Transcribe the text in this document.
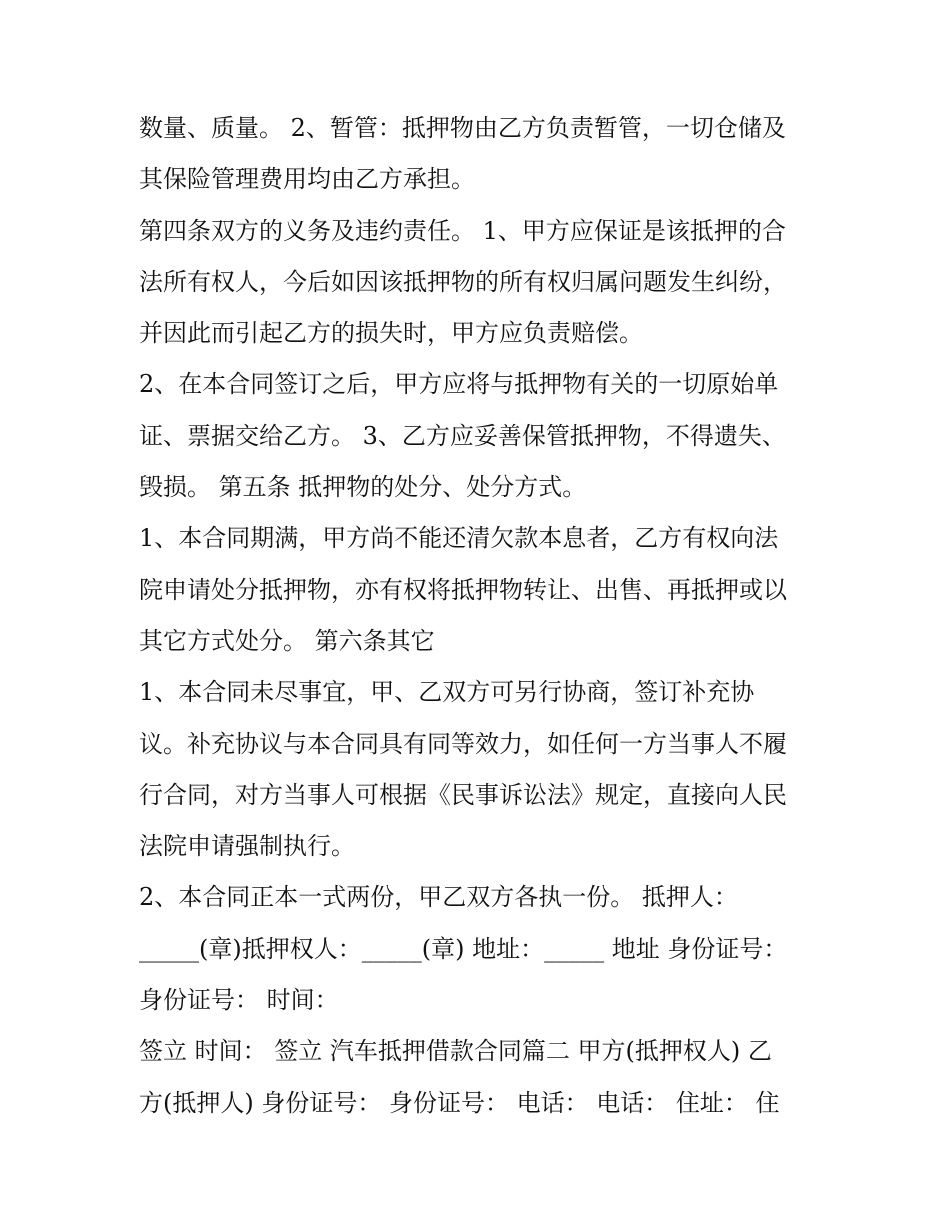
数量、质量。 2、暂管：抵押物由乙方负责暂管，一切仓储及
其保险管理费用均由乙方承担。
第四条双方的义务及违约责任。 1、甲方应保证是该抵押的合
法所有权人，今后如因该抵押物的所有权归属问题发生纠纷，
并因此而引起乙方的损失时，甲方应负责赔偿。
2、在本合同签订之后，甲方应将与抵押物有关的一切原始单
证、票据交给乙方。 3、乙方应妥善保管抵押物，不得遗失、
毁损。 第五条 抵押物的处分、处分方式。
1、本合同期满，甲方尚不能还清欠款本息者，乙方有权向法
院申请处分抵押物，亦有权将抵押物转让、出售、再抵押或以
其它方式处分。 第六条其它
1、本合同未尽事宜，甲、乙双方可另行协商，签订补充协
议。补充协议与本合同具有同等效力，如任何一方当事人不履
行合同，对方当事人可根据《民事诉讼法》规定，直接向人民
法院申请强制执行。
2、本合同正本一式两份，甲乙双方各执一份。 抵押人：
_____(章)抵押权人：_____(章) 地址：_____ 地址 身份证号：
身份证号： 时间：
签立 时间： 签立 汽车抵押借款合同篇二 甲方(抵押权人) 乙
方(抵押人) 身份证号： 身份证号： 电话： 电话： 住址： 住
